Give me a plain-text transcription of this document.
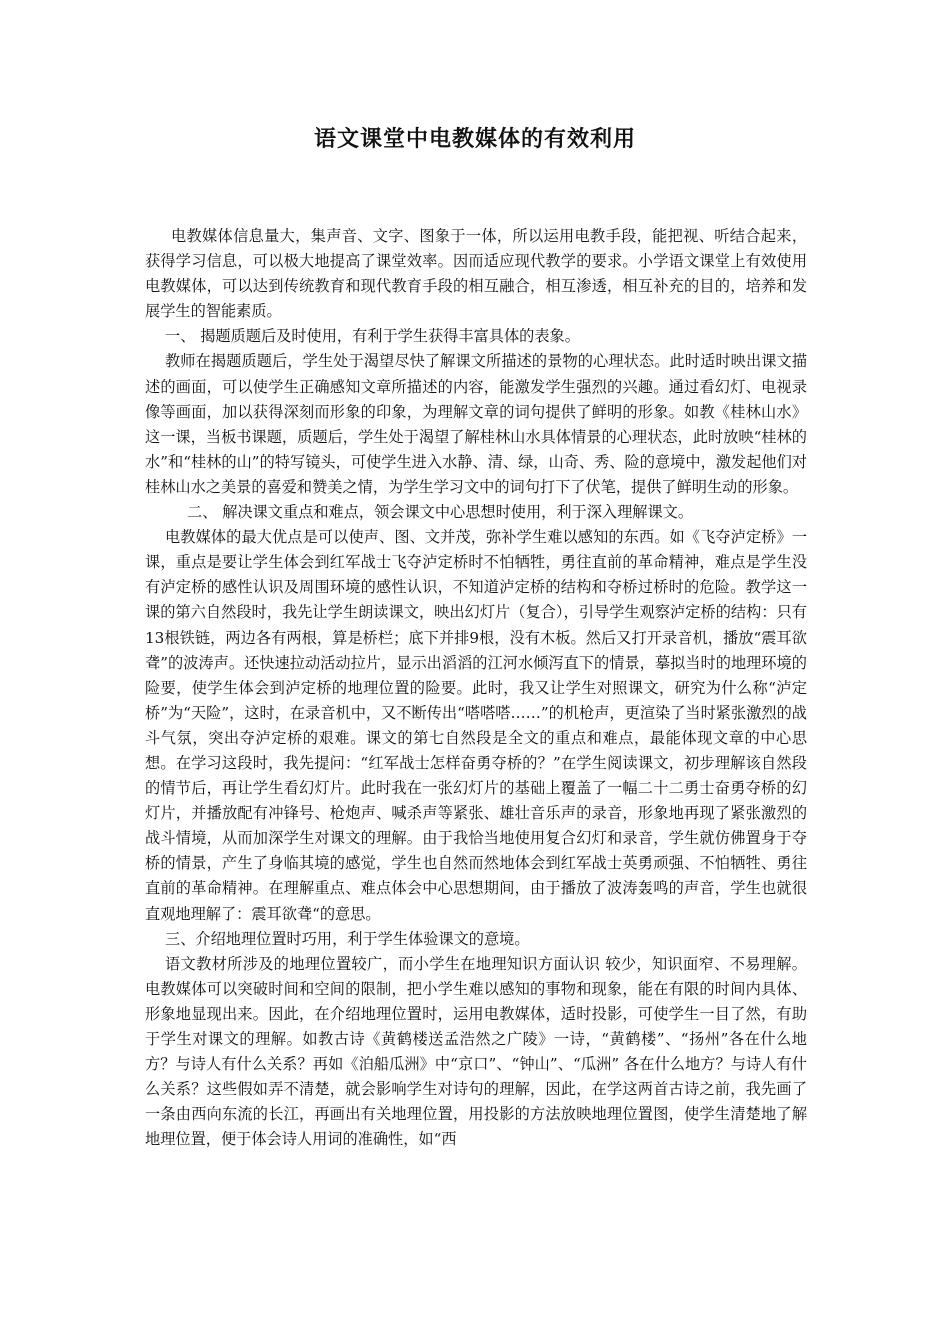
语文课堂中电教媒体的有效利用

电教媒体信息量大，集声音、文字、图象于一体，所以运用电教手段，能把视、听结合起来，获得学习信息，可以极大地提高了课堂效率。因而适应现代教学的要求。小学语文课堂上有效使用电教媒体，可以达到传统教育和现代教育手段的相互融合，相互渗透，相互补充的目的，培养和发展学生的智能素质。

一、 揭题质题后及时使用，有利于学生获得丰富具体的表象。

教师在揭题质题后，学生处于渴望尽快了解课文所描述的景物的心理状态。此时适时映出课文描述的画面，可以使学生正确感知文章所描述的内容，能激发学生强烈的兴趣。通过看幻灯、电视录像等画面，加以获得深刻而形象的印象，为理解文章的词句提供了鲜明的形象。如教《桂林山水》这一课，当板书课题，质题后，学生处于渴望了解桂林山水具体情景的心理状态，此时放映“桂林的水”和“桂林的山”的特写镜头，可使学生进入水静、清、绿，山奇、秀、险的意境中，激发起他们对桂林山水之美景的喜爱和赞美之情，为学生学习文中的词句打下了伏笔，提供了鲜明生动的形象。

二、 解决课文重点和难点，领会课文中心思想时使用，利于深入理解课文。

电教媒体的最大优点是可以使声、图、文并茂，弥补学生难以感知的东西。如《飞夺泸定桥》一课，重点是要让学生体会到红军战士飞夺泸定桥时不怕牺牲，勇往直前的革命精神，难点是学生没有泸定桥的感性认识及周围环境的感性认识，不知道泸定桥的结构和夺桥过桥时的危险。教学这一课的第六自然段时，我先让学生朗读课文，映出幻灯片（复合），引导学生观察泸定桥的结构：只有13根铁链，两边各有两根，算是桥栏；底下并排9根，没有木板。然后又打开录音机，播放“震耳欲聋”的波涛声。还快速拉动活动拉片，显示出滔滔的江河水倾泻直下的情景，摹拟当时的地理环境的险要，使学生体会到泸定桥的地理位置的险要。此时，我又让学生对照课文，研究为什么称“泸定桥”为“天险”，这时，在录音机中，又不断传出“嗒嗒嗒……”的机枪声，更渲染了当时紧张激烈的战斗气氛，突出夺泸定桥的艰难。课文的第七自然段是全文的重点和难点，最能体现文章的中心思想。在学习这段时，我先提问：“红军战士怎样奋勇夺桥的？”在学生阅读课文，初步理解该自然段的情节后，再让学生看幻灯片。此时我在一张幻灯片的基础上覆盖了一幅二十二勇士奋勇夺桥的幻灯片，并播放配有冲锋号、枪炮声、喊杀声等紧张、雄壮音乐声的录音，形象地再现了紧张激烈的战斗情境，从而加深学生对课文的理解。由于我恰当地使用复合幻灯和录音，学生就仿佛置身于夺桥的情景，产生了身临其境的感觉，学生也自然而然地体会到红军战士英勇顽强、不怕牺牲、勇往直前的革命精神。在理解重点、难点体会中心思想期间，由于播放了波涛轰鸣的声音，学生也就很直观地理解了：震耳欲聋“的意思。

三、介绍地理位置时巧用，利于学生体验课文的意境。

语文教材所涉及的地理位置较广，而小学生在地理知识方面认识 较少，知识面窄、不易理解。电教媒体可以突破时间和空间的限制，把小学生难以感知的事物和现象，能在有限的时间内具体、形象地显现出来。因此，在介绍地理位置时，运用电教媒体，适时投影，可使学生一目了然，有助于学生对课文的理解。如教古诗《黄鹤楼送孟浩然之广陵》一诗，“黄鹤楼”、“扬州”各在什么地方？与诗人有什么关系？再如《泊船瓜洲》中“京口”、“钟山”、“瓜洲” 各在什么地方？与诗人有什么关系？这些假如弄不清楚，就会影响学生对诗句的理解，因此，在学这两首古诗之前，我先画了一条由西向东流的长江，再画出有关地理位置，用投影的方法放映地理位置图，使学生清楚地了解地理位置，便于体会诗人用词的准确性，如“西
